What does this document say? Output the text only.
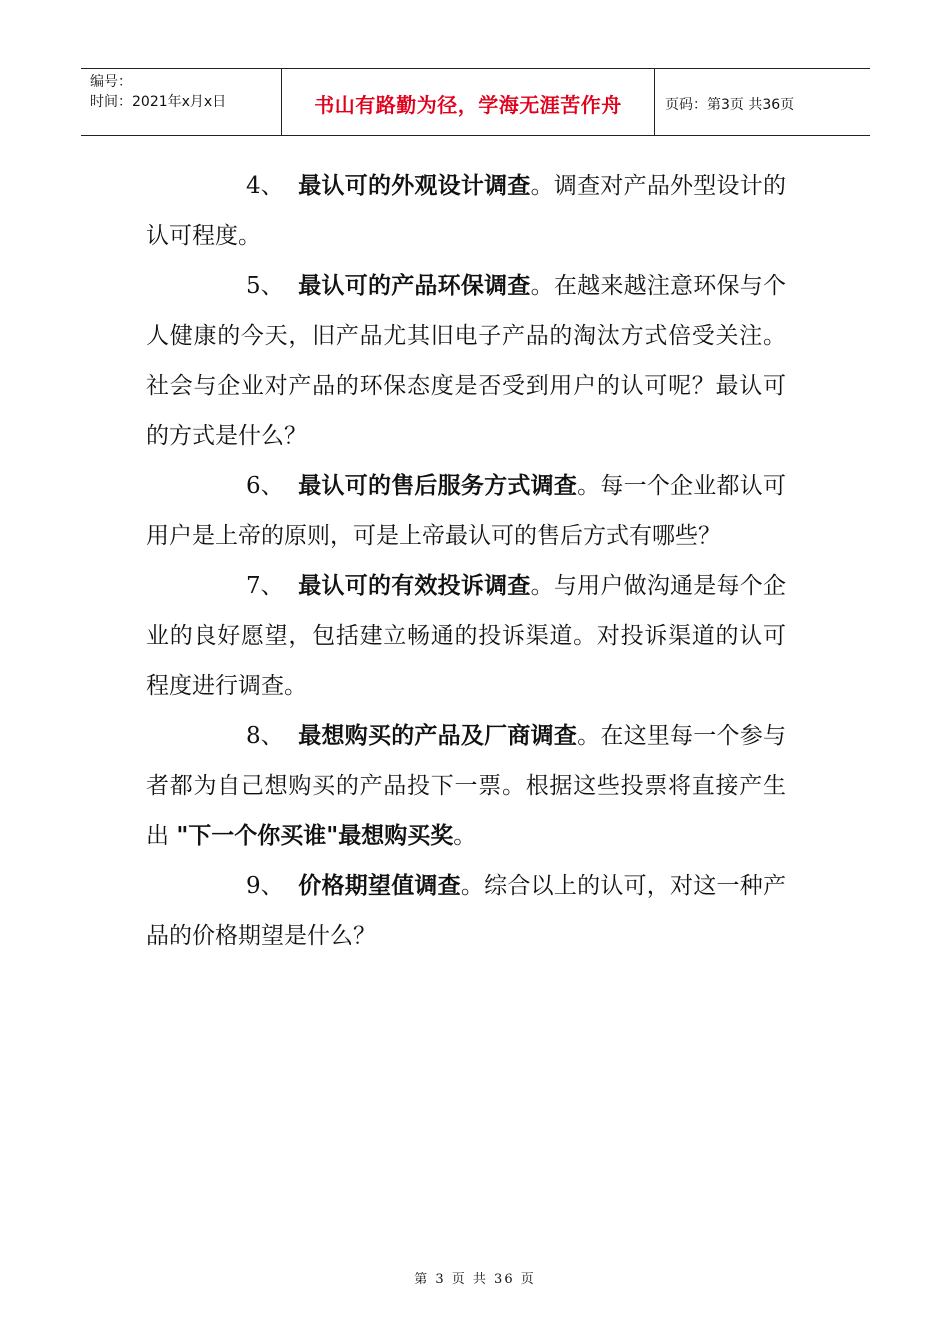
编号：
时间：2021年x月x日	书山有路勤为径，学海无涯苦作舟	页码：第3页 共36页

4、 最认可的外观设计调查。调查对产品外型设计的认可程度。

5、 最认可的产品环保调查。在越来越注意环保与个人健康的今天，旧产品尤其旧电子产品的淘汰方式倍受关注。社会与企业对产品的环保态度是否受到用户的认可呢？最认可的方式是什么？

6、 最认可的售后服务方式调查。每一个企业都认可用户是上帝的原则，可是上帝最认可的售后方式有哪些？

7、 最认可的有效投诉调查。与用户做沟通是每个企业的良好愿望，包括建立畅通的投诉渠道。对投诉渠道的认可程度进行调查。

8、 最想购买的产品及厂商调查。在这里每一个参与者都为自己想购买的产品投下一票。根据这些投票将直接产生出 "下一个你买谁"最想购买奖。

9、 价格期望值调查。综合以上的认可，对这一种产品的价格期望是什么？

第 3 页 共 36 页
